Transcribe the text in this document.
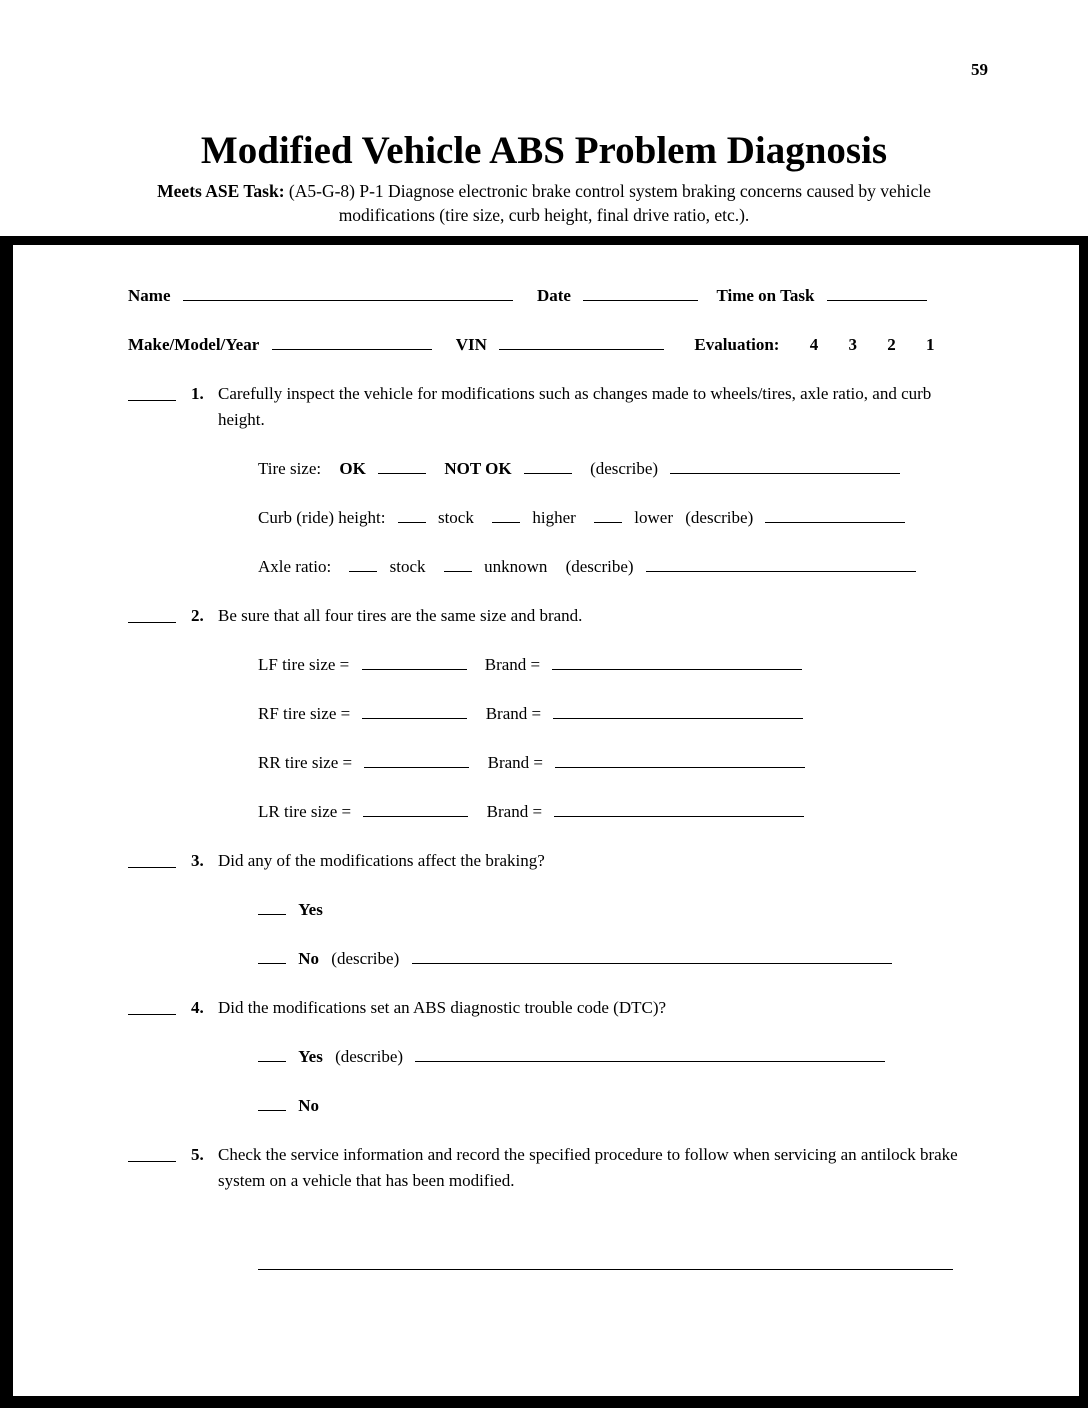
59
Modified Vehicle ABS Problem Diagnosis
Meets ASE Task: (A5-G-8) P-1 Diagnose electronic brake control system braking concerns caused by vehicle modifications (tire size, curb height, final drive ratio, etc.).
Name	Date	Time on Task
Make/Model/Year	VIN	Evaluation: 4 3 2 1
1. Carefully inspect the vehicle for modifications such as changes made to wheels/tires, axle ratio, and curb height.
Tire size: OK	NOT OK	(describe)
Curb (ride) height:	stock	higher	lower (describe)
Axle ratio:	stock	unknown (describe)
2. Be sure that all four tires are the same size and brand.
LF tire size =	Brand =
RF tire size =	Brand =
RR tire size =	Brand =
LR tire size =	Brand =
3. Did any of the modifications affect the braking?
Yes
No (describe)
4. Did the modifications set an ABS diagnostic trouble code (DTC)?
Yes (describe)
No
5. Check the service information and record the specified procedure to follow when servicing an antilock brake system on a vehicle that has been modified.
